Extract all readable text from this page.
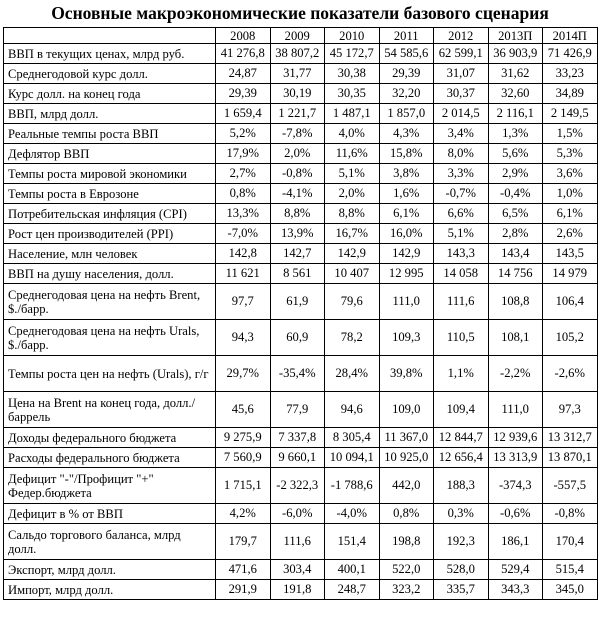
Основные макроэкономические показатели базового сценария
	2008	2009	2010	2011	2012	2013П	2014П
ВВП в текущих ценах, млрд руб.	41 276,8	38 807,2	45 172,7	54 585,6	62 599,1	36 903,9	71 426,9
Среднегодовой курс долл.	24,87	31,77	30,38	29,39	31,07	31,62	33,23
Курс долл. на конец года	29,39	30,19	30,35	32,20	30,37	32,60	34,89
ВВП, млрд долл.	1 659,4	1 221,7	1 487,1	1 857,0	2 014,5	2 116,1	2 149,5
Реальные темпы роста ВВП	5,2%	-7,8%	4,0%	4,3%	3,4%	1,3%	1,5%
Дефлятор ВВП	17,9%	2,0%	11,6%	15,8%	8,0%	5,6%	5,3%
Темпы роста мировой экономики	2,7%	-0,8%	5,1%	3,8%	3,3%	2,9%	3,6%
Темпы роста в Еврозоне	0,8%	-4,1%	2,0%	1,6%	-0,7%	-0,4%	1,0%
Потребительская инфляция (CPI)	13,3%	8,8%	8,8%	6,1%	6,6%	6,5%	6,1%
Рост цен производителей (PPI)	-7,0%	13,9%	16,7%	16,0%	5,1%	2,8%	2,6%
Население, млн человек	142,8	142,7	142,9	142,9	143,3	143,4	143,5
ВВП на душу населения, долл.	11 621	8 561	10 407	12 995	14 058	14 756	14 979
Среднегодовая цена на нефть Brent, $./барр.	97,7	61,9	79,6	111,0	111,6	108,8	106,4
Среднегодовая цена на нефть Urals, $./барр.	94,3	60,9	78,2	109,3	110,5	108,1	105,2
Темпы роста цен на нефть (Urals), г/г	29,7%	-35,4%	28,4%	39,8%	1,1%	-2,2%	-2,6%
Цена на Brent на конец года, долл./баррель	45,6	77,9	94,6	109,0	109,4	111,0	97,3
Доходы федерального бюджета	9 275,9	7 337,8	8 305,4	11 367,0	12 844,7	12 939,6	13 312,7
Расходы федерального бюджета	7 560,9	9 660,1	10 094,1	10 925,0	12 656,4	13 313,9	13 870,1
Дефицит "-"/Профицит "+" Федер.бюджета	1 715,1	-2 322,3	-1 788,6	442,0	188,3	-374,3	-557,5
Дефицит в % от ВВП	4,2%	-6,0%	-4,0%	0,8%	0,3%	-0,6%	-0,8%
Сальдо торгового баланса, млрд долл.	179,7	111,6	151,4	198,8	192,3	186,1	170,4
Экспорт, млрд долл.	471,6	303,4	400,1	522,0	528,0	529,4	515,4
Импорт, млрд долл.	291,9	191,8	248,7	323,2	335,7	343,3	345,0
